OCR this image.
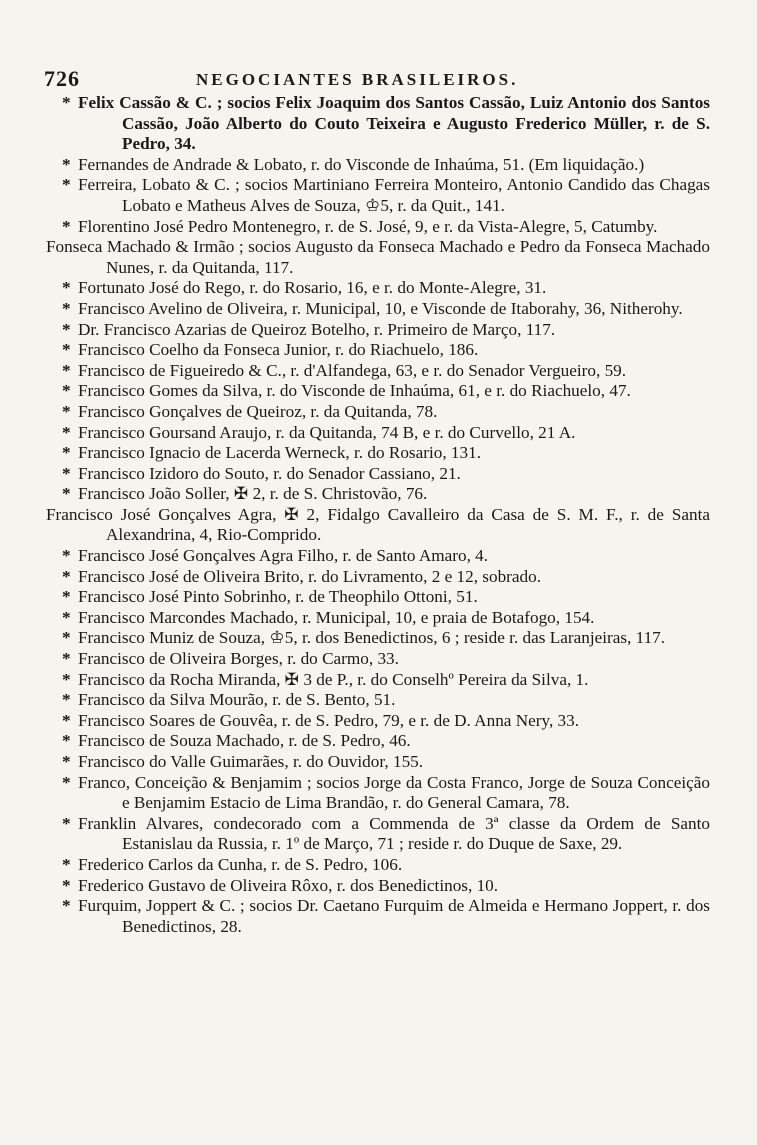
726	NEGOCIANTES BRASILEIROS.
* Felix Cassão & C. ; socios Felix Joaquim dos Santos Cassão, Luiz Antonio dos Santos Cassão, João Alberto do Couto Teixeira e Augusto Frederico Müller, r. de S. Pedro, 34.
* Fernandes de Andrade & Lobato, r. do Visconde de Inhaúma, 51. (Em liquidação.)
* Ferreira, Lobato & C. ; socios Martiniano Ferreira Monteiro, Antonio Candido das Chagas Lobato e Matheus Alves de Souza, ♔5, r. da Quit., 141.
* Florentino José Pedro Montenegro, r. de S. José, 9, e r. da Vista-Alegre, 5, Catumby.
Fonseca Machado & Irmão ; socios Augusto da Fonseca Machado e Pedro da Fonseca Machado Nunes, r. da Quitanda, 117.
* Fortunato José do Rego, r. do Rosario, 16, e r. do Monte-Alegre, 31.
* Francisco Avelino de Oliveira, r. Municipal, 10, e Visconde de Itaborahy, 36, Nitherohy.
* Dr. Francisco Azarias de Queiroz Botelho, r. Primeiro de Março, 117.
* Francisco Coelho da Fonseca Junior, r. do Riachuelo, 186.
* Francisco de Figueiredo & C., r. d'Alfandega, 63, e r. do Senador Vergueiro, 59.
* Francisco Gomes da Silva, r. do Visconde de Inhaúma, 61, e r. do Riachuelo, 47.
* Francisco Gonçalves de Queiroz, r. da Quitanda, 78.
* Francisco Goursand Araujo, r. da Quitanda, 74 B, e r. do Curvello, 21 A.
* Francisco Ignacio de Lacerda Werneck, r. do Rosario, 131.
* Francisco Izidoro do Souto, r. do Senador Cassiano, 21.
* Francisco João Soller, ✠ 2, r. de S. Christovão, 76.
Francisco José Gonçalves Agra, ✠ 2, Fidalgo Cavalleiro da Casa de S. M. F., r. de Santa Alexandrina, 4, Rio-Comprido.
* Francisco José Gonçalves Agra Filho, r. de Santo Amaro, 4.
* Francisco José de Oliveira Brito, r. do Livramento, 2 e 12, sobrado.
* Francisco José Pinto Sobrinho, r. de Theophilo Ottoni, 51.
* Francisco Marcondes Machado, r. Municipal, 10, e praia de Botafogo, 154.
* Francisco Muniz de Souza, ♔5, r. dos Benedictinos, 6 ; reside r. das Laranjeiras, 117.
* Francisco de Oliveira Borges, r. do Carmo, 33.
* Francisco da Rocha Miranda, ✠ 3 de P., r. do Conselhº Pereira da Silva, 1.
* Francisco da Silva Mourão, r. de S. Bento, 51.
* Francisco Soares de Gouvêa, r. de S. Pedro, 79, e r. de D. Anna Nery, 33.
* Francisco de Souza Machado, r. de S. Pedro, 46.
* Francisco do Valle Guimarães, r. do Ouvidor, 155.
* Franco, Conceição & Benjamim ; socios Jorge da Costa Franco, Jorge de Souza Conceição e Benjamim Estacio de Lima Brandão, r. do General Camara, 78.
* Franklin Alvares, condecorado com a Commenda de 3ª classe da Ordem de Santo Estanislau da Russia, r. 1º de Março, 71 ; reside r. do Duque de Saxe, 29.
* Frederico Carlos da Cunha, r. de S. Pedro, 106.
* Frederico Gustavo de Oliveira Rôxo, r. dos Benedictinos, 10.
* Furquim, Joppert & C. ; socios Dr. Caetano Furquim de Almeida e Hermano Joppert, r. dos Benedictinos, 28.
